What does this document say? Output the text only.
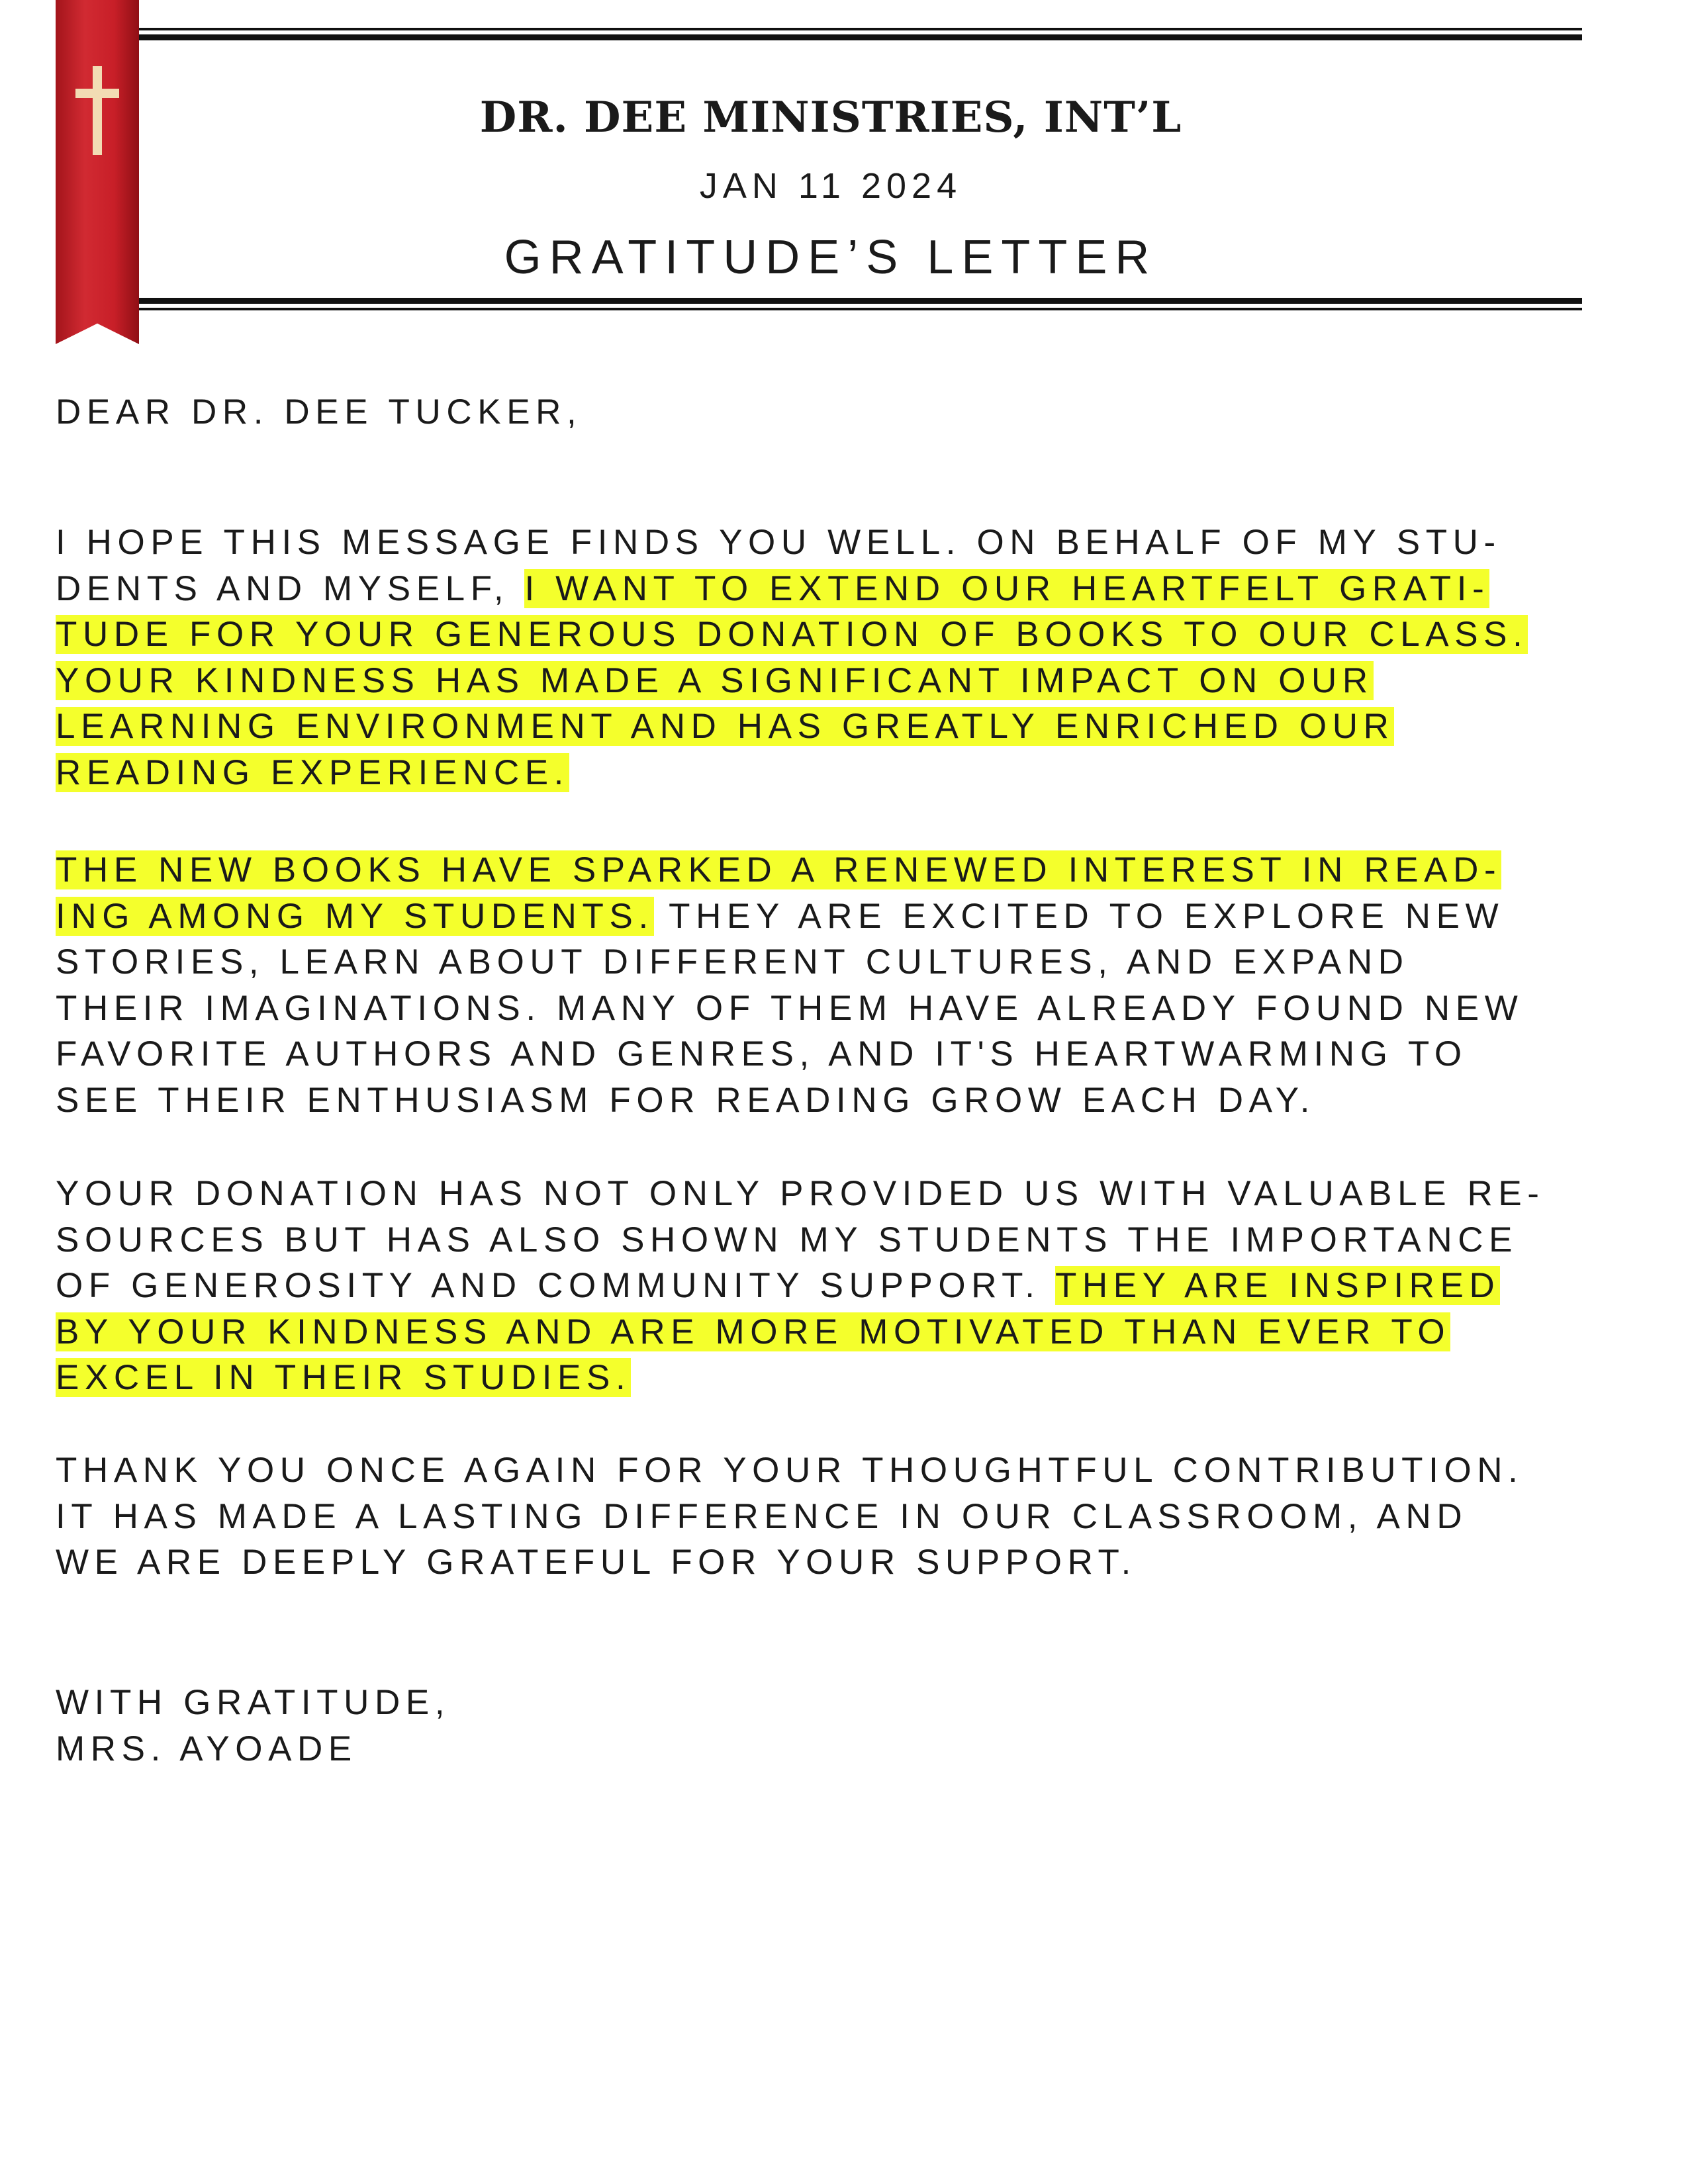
DR. DEE MINISTRIES, INT’L
JAN 11 2024
GRATITUDE’S LETTER
DEAR DR. DEE TUCKER,
I HOPE THIS MESSAGE FINDS YOU WELL. ON BEHALF OF MY STU-
DENTS AND MYSELF, I WANT TO EXTEND OUR HEARTFELT GRATI-
TUDE FOR YOUR GENEROUS DONATION OF BOOKS TO OUR CLASS.
YOUR KINDNESS HAS MADE A SIGNIFICANT IMPACT ON OUR
LEARNING ENVIRONMENT AND HAS GREATLY ENRICHED OUR
READING EXPERIENCE.
THE NEW BOOKS HAVE SPARKED A RENEWED INTEREST IN READ-
ING AMONG MY STUDENTS. THEY ARE EXCITED TO EXPLORE NEW
STORIES, LEARN ABOUT DIFFERENT CULTURES, AND EXPAND
THEIR IMAGINATIONS. MANY OF THEM HAVE ALREADY FOUND NEW
FAVORITE AUTHORS AND GENRES, AND IT'S HEARTWARMING TO
SEE THEIR ENTHUSIASM FOR READING GROW EACH DAY.
YOUR DONATION HAS NOT ONLY PROVIDED US WITH VALUABLE RE-
SOURCES BUT HAS ALSO SHOWN MY STUDENTS THE IMPORTANCE
OF GENEROSITY AND COMMUNITY SUPPORT. THEY ARE INSPIRED
BY YOUR KINDNESS AND ARE MORE MOTIVATED THAN EVER TO
EXCEL IN THEIR STUDIES.
THANK YOU ONCE AGAIN FOR YOUR THOUGHTFUL CONTRIBUTION.
IT HAS MADE A LASTING DIFFERENCE IN OUR CLASSROOM, AND
WE ARE DEEPLY GRATEFUL FOR YOUR SUPPORT.
WITH GRATITUDE,
MRS. AYOADE
